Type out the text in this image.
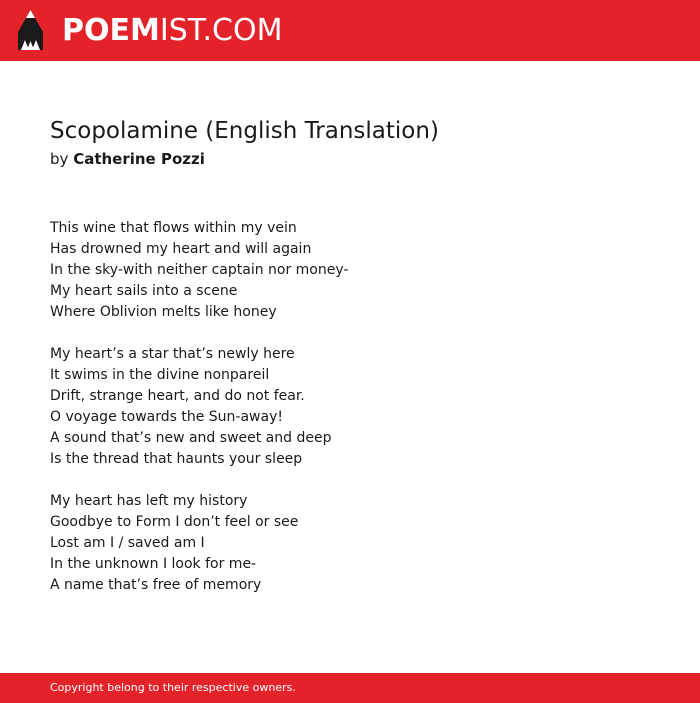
POEMIST.COM
Scopolamine (English Translation)
by Catherine Pozzi
This wine that flows within my vein
Has drowned my heart and will again
In the sky-with neither captain nor money-
My heart sails into a scene
Where Oblivion melts like honey
My heart’s a star that’s newly here
It swims in the divine nonpareil
Drift, strange heart, and do not fear.
O voyage towards the Sun-away!
A sound that’s new and sweet and deep
Is the thread that haunts your sleep
My heart has left my history
Goodbye to Form I don’t feel or see
Lost am I / saved am I
In the unknown I look for me-
A name that’s free of memory
Copyright belong to their respective owners.
